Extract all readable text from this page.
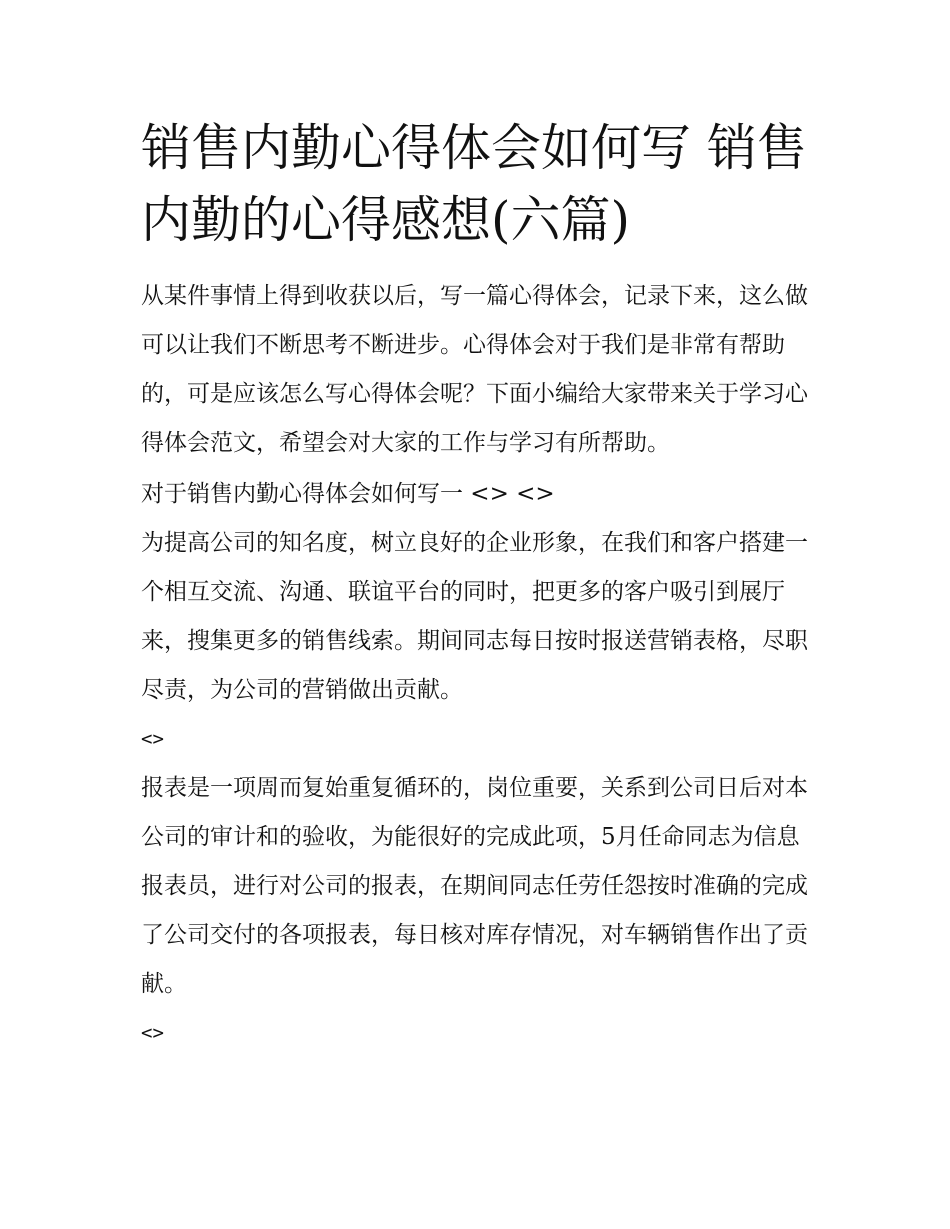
销售内勤心得体会如何写 销售内勤的心得感想(六篇)

从某件事情上得到收获以后，写一篇心得体会，记录下来，这么做可以让我们不断思考不断进步。心得体会对于我们是非常有帮助的，可是应该怎么写心得体会呢？下面小编给大家带来关于学习心得体会范文，希望会对大家的工作与学习有所帮助。

对于销售内勤心得体会如何写一 <> <>

为提高公司的知名度，树立良好的企业形象，在我们和客户搭建一个相互交流、沟通、联谊平台的同时，把更多的客户吸引到展厅来，搜集更多的销售线索。期间同志每日按时报送营销表格，尽职尽责，为公司的营销做出贡献。

<>

报表是一项周而复始重复循环的，岗位重要，关系到公司日后对本公司的审计和的验收，为能很好的完成此项，5月任命同志为信息报表员，进行对公司的报表，在期间同志任劳任怨按时准确的完成了公司交付的各项报表，每日核对库存情况，对车辆销售作出了贡献。

<>
